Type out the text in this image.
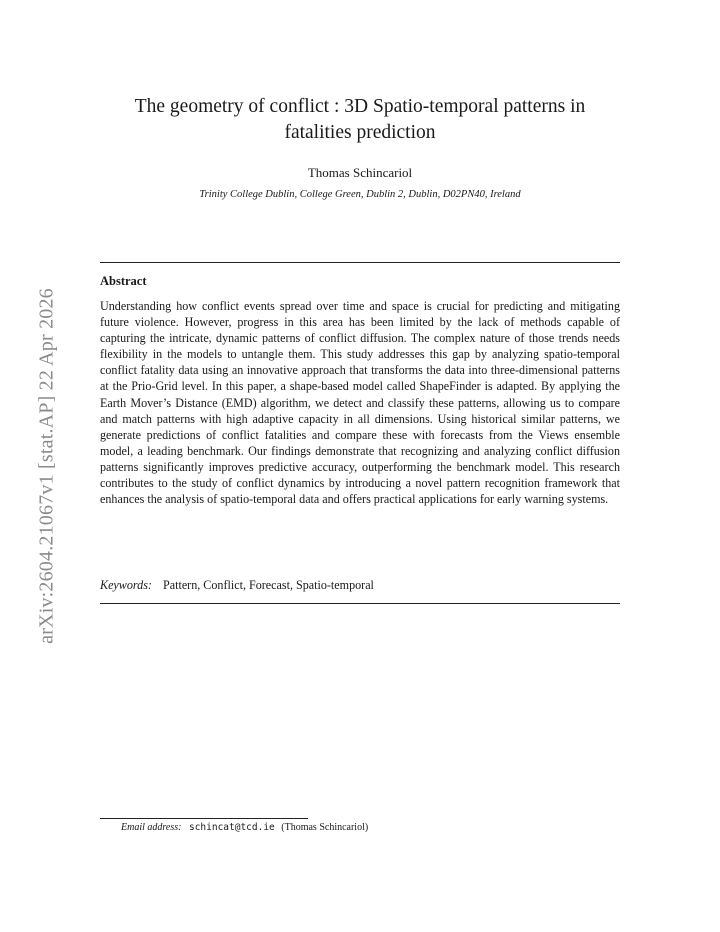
arXiv:2604.21067v1 [stat.AP] 22 Apr 2026
The geometry of conflict : 3D Spatio-temporal patterns in
fatalities prediction
Thomas Schincariol
Trinity College Dublin, College Green, Dublin 2, Dublin, D02PN40, Ireland
Abstract
Understanding how conflict events spread over time and space is crucial for predicting and mitigating future violence. However, progress in this area has been limited by the lack of methods capable of capturing the intricate, dynamic patterns of conflict diffusion. The complex nature of those trends needs flexibility in the models to untangle them. This study addresses this gap by analyzing spatio-temporal conflict fatality data using an innovative approach that transforms the data into three-dimensional patterns at the Prio-Grid level. In this paper, a shape-based model called ShapeFinder is adapted. By applying the Earth Mover’s Distance (EMD) algorithm, we detect and classify these patterns, allowing us to compare and match patterns with high adaptive capacity in all dimensions. Using historical similar patterns, we generate predictions of conflict fatalities and compare these with forecasts from the Views ensemble model, a leading benchmark. Our findings demonstrate that recognizing and analyzing conflict diffusion patterns significantly improves predictive accuracy, outperforming the benchmark model. This research contributes to the study of conflict dynamics by introducing a novel pattern recognition framework that enhances the analysis of spatio-temporal data and offers practical applications for early warning systems.
Keywords: Pattern, Conflict, Forecast, Spatio-temporal
Email address: schincat@tcd.ie (Thomas Schincariol)
